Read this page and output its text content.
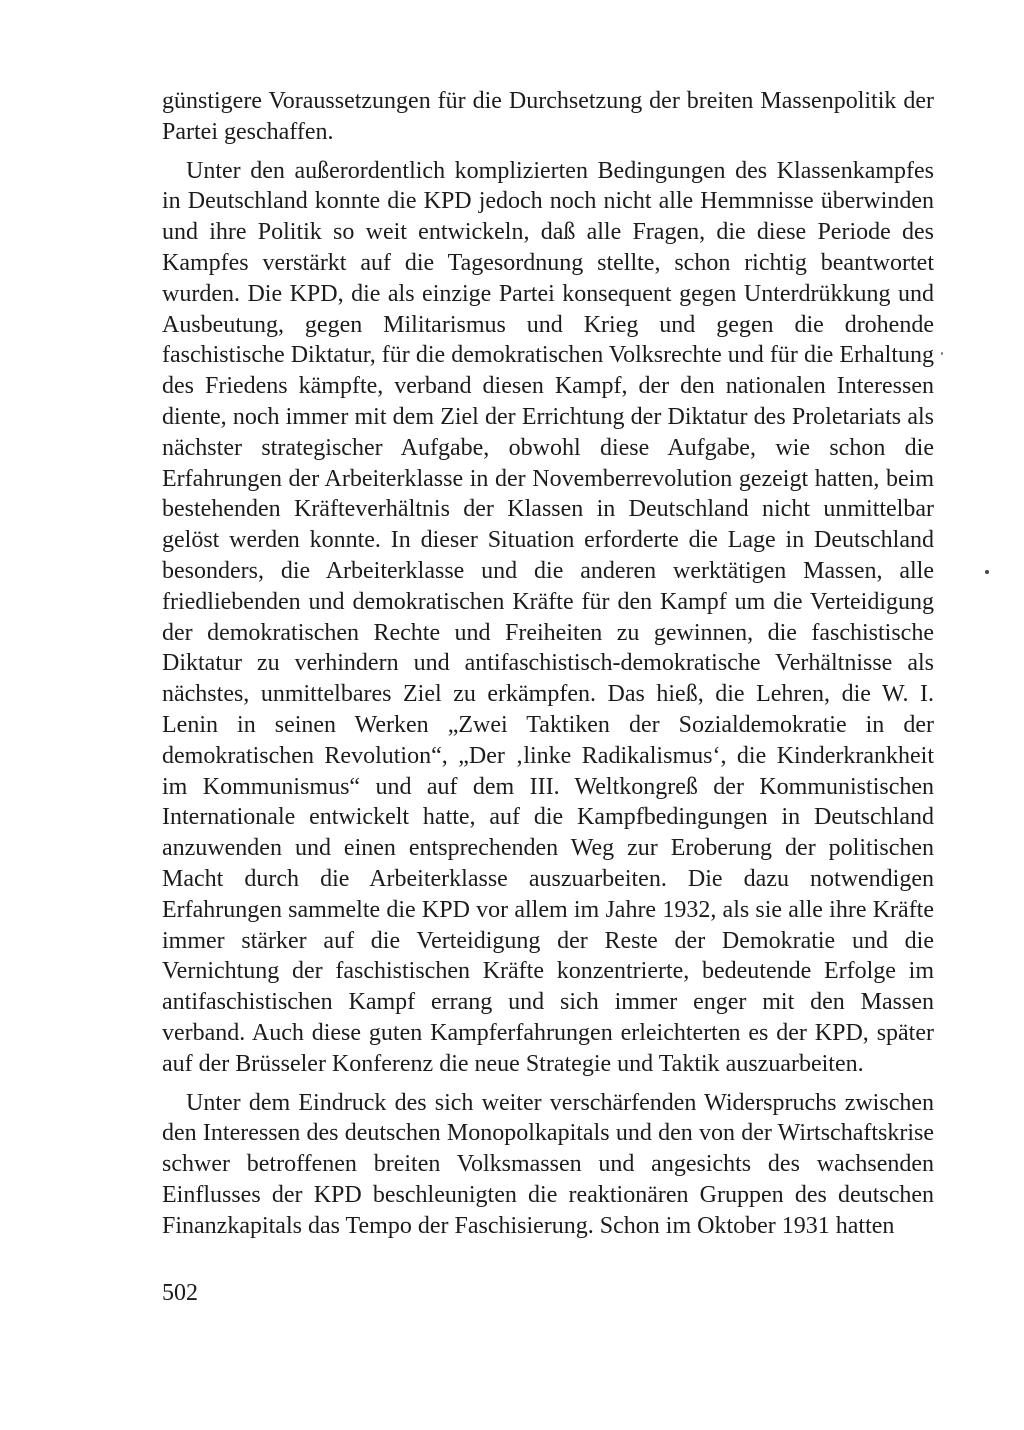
günstigere Voraussetzungen für die Durchsetzung der breiten Massenpolitik der Partei geschaffen.

Unter den außerordentlich komplizierten Bedingungen des Klassenkampfes in Deutschland konnte die KPD jedoch noch nicht alle Hemmnisse überwinden und ihre Politik so weit entwickeln, daß alle Fragen, die diese Periode des Kampfes verstärkt auf die Tagesordnung stellte, schon richtig beantwortet wurden. Die KPD, die als einzige Partei konsequent gegen Unterdrükkung und Ausbeutung, gegen Militarismus und Krieg und gegen die drohende faschistische Diktatur, für die demokratischen Volksrechte und für die Erhaltung des Friedens kämpfte, verband diesen Kampf, der den nationalen Interessen diente, noch immer mit dem Ziel der Errichtung der Diktatur des Proletariats als nächster strategischer Aufgabe, obwohl diese Aufgabe, wie schon die Erfahrungen der Arbeiterklasse in der Novemberrevolution gezeigt hatten, beim bestehenden Kräfteverhältnis der Klassen in Deutschland nicht unmittelbar gelöst werden konnte. In dieser Situation erforderte die Lage in Deutschland besonders, die Arbeiterklasse und die anderen werktätigen Massen, alle friedliebenden und demokratischen Kräfte für den Kampf um die Verteidigung der demokratischen Rechte und Freiheiten zu gewinnen, die faschistische Diktatur zu verhindern und antifaschistisch-demokratische Verhältnisse als nächstes, unmittelbares Ziel zu erkämpfen. Das hieß, die Lehren, die W. I. Lenin in seinen Werken „Zwei Taktiken der Sozialdemokratie in der demokratischen Revolution“, „Der ‚linke Radikalismus‘, die Kinderkrankheit im Kommunismus“ und auf dem III. Weltkongreß der Kommunistischen Internationale entwickelt hatte, auf die Kampfbedingungen in Deutschland anzuwenden und einen entsprechenden Weg zur Eroberung der politischen Macht durch die Arbeiterklasse auszuarbeiten. Die dazu notwendigen Erfahrungen sammelte die KPD vor allem im Jahre 1932, als sie alle ihre Kräfte immer stärker auf die Verteidigung der Reste der Demokratie und die Vernichtung der faschistischen Kräfte konzentrierte, bedeutende Erfolge im antifaschistischen Kampf errang und sich immer enger mit den Massen verband. Auch diese guten Kampferfahrungen erleichterten es der KPD, später auf der Brüsseler Konferenz die neue Strategie und Taktik auszuarbeiten.

Unter dem Eindruck des sich weiter verschärfenden Widerspruchs zwischen den Interessen des deutschen Monopolkapitals und den von der Wirtschaftskrise schwer betroffenen breiten Volksmassen und angesichts des wachsenden Einflusses der KPD beschleunigten die reaktionären Gruppen des deutschen Finanzkapitals das Tempo der Faschisierung. Schon im Oktober 1931 hatten

502
